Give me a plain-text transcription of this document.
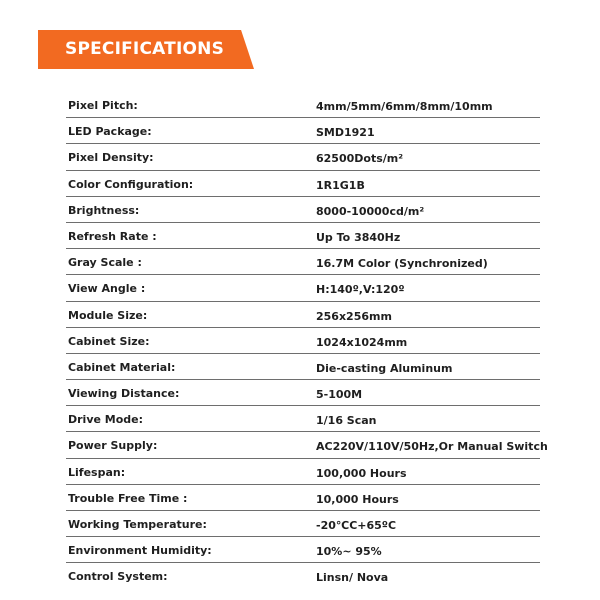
SPECIFICATIONS
Pixel Pitch:	4mm/5mm/6mm/8mm/10mm
LED Package:	SMD1921
Pixel Density:	62500Dots/m²
Color Configuration:	1R1G1B
Brightness:	8000-10000cd/m²
Refresh Rate :	Up To 3840Hz
Gray Scale :	16.7M Color (Synchronized)
View Angle :	H:140º,V:120º
Module Size:	256x256mm
Cabinet Size:	1024x1024mm
Cabinet Material:	Die-casting Aluminum
Viewing Distance:	5-100M
Drive Mode:	1/16 Scan
Power Supply:	AC220V/110V/50Hz,Or Manual Switch
Lifespan:	100,000 Hours
Trouble Free Time :	10,000 Hours
Working Temperature:	-20℃C+65ºC
Environment Humidity:	10%~ 95%
Control System:	Linsn/ Nova
